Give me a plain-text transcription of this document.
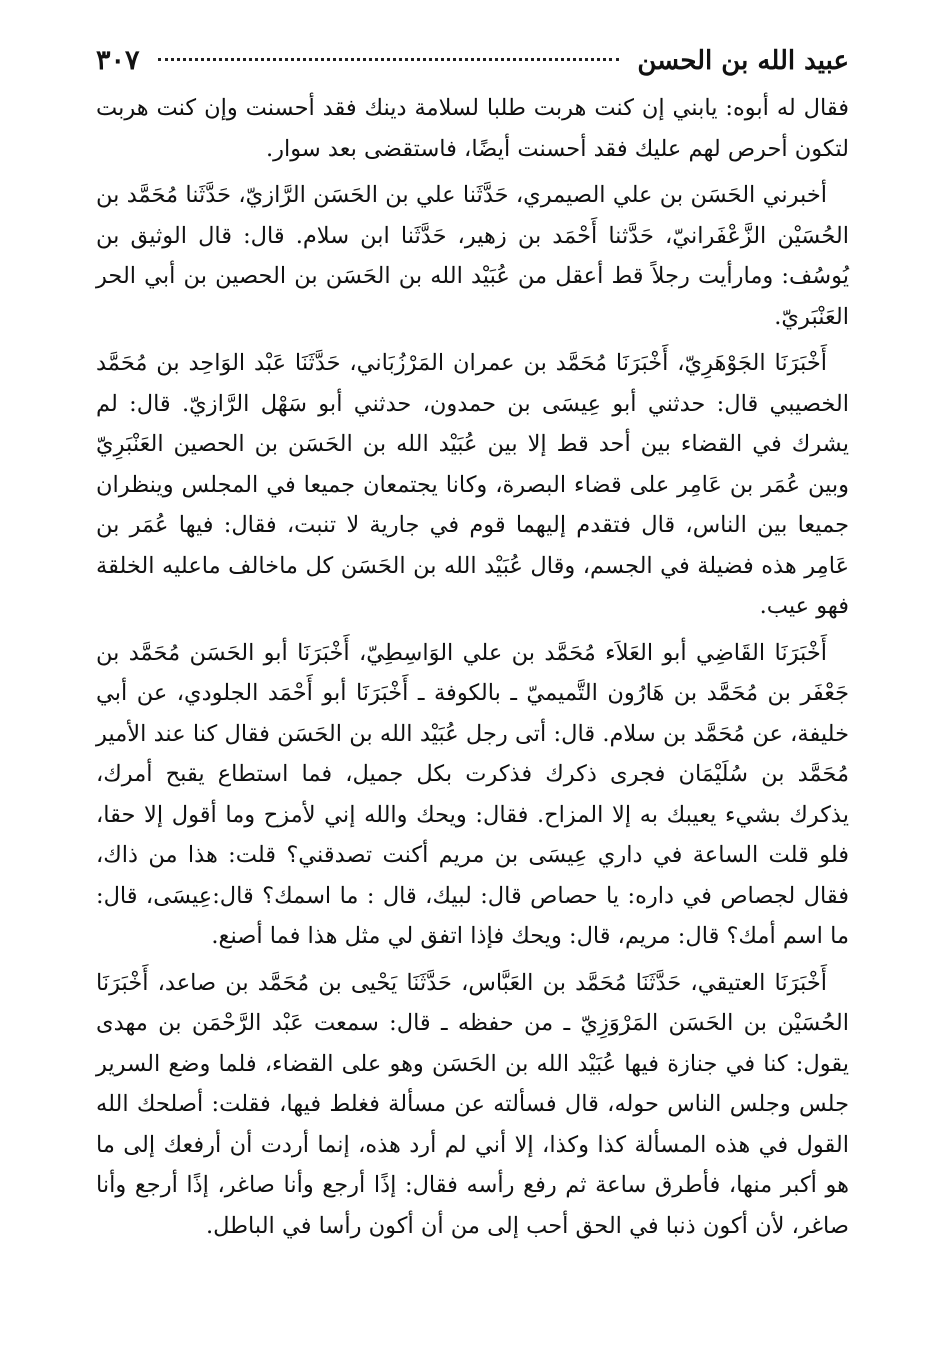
عبيد الله بن الحسن
٣٠٧

فقال له أبوه: يابني إن كنت هربت طلبا لسلامة دينك فقد أحسنت وإن كنت هربت لتكون أحرص لهم عليك فقد أحسنت أيضًا، فاستقضى بعد سوار.

أخبرني الحَسَن بن علي الصيمري، حَدَّثَنا علي بن الحَسَن الرَّازيّ، حَدَّثَنا مُحَمَّد بن الحُسَيْن الزَّعْفَرانيّ، حَدَّثنا أَحْمَد بن زهير، حَدَّثَنا ابن سلام. قال: قال الوثيق بن يُوسُف: ومارأيت رجلاً قط أعقل من عُبَيْد الله بن الحَسَن بن الحصين بن أبي الحر العَنْبَريّ.

أَخْبَرَنَا الجَوْهَرِيّ، أَخْبَرَنَا مُحَمَّد بن عمران المَرْزُبَاني، حَدَّثَنَا عَبْد الوَاحِد بن مُحَمَّد الخصيبي قال: حدثني أبو عِيسَى بن حمدون، حدثني أبو سَهْل الرَّازيّ. قال: لم يشرك في القضاء بين أحد قط إلا بين عُبَيْد الله بن الحَسَن بن الحصين العَنْبَرِيّ وبين عُمَر بن عَامِر على قضاء البصرة، وكانا يجتمعان جميعا في المجلس وينظران جميعا بين الناس، قال فتقدم إليهما قوم في جارية لا تنبت، فقال: فيها عُمَر بن عَامِر هذه فضيلة في الجسم، وقال عُبَيْد الله بن الحَسَن كل ماخالف ماعليه الخلقة فهو عيب.

أَخْبَرَنَا القَاضِي أبو العَلاَء مُحَمَّد بن علي الوَاسِطِيّ، أَخْبَرَنَا أبو الحَسَن مُحَمَّد بن جَعْفَر بن مُحَمَّد بن هَارُون التَّميميّ ـ بالكوفة ـ أَخْبَرَنَا أبو أَحْمَد الجلودي، عن أبي خليفة، عن مُحَمَّد بن سلام. قال: أتى رجل عُبَيْد الله بن الحَسَن فقال كنا عند الأمير مُحَمَّد بن سُلَيْمَان فجرى ذكرك فذكرت بكل جميل، فما استطاع يقبح أمرك، يذكرك بشيء يعيبك به إلا المزاح. فقال: ويحك والله إني لأمزح وما أقول إلا حقا، فلو قلت الساعة في داري عِيسَى بن مريم أكنت تصدقني؟ قلت: هذا من ذاك، فقال لجصاص في داره: يا حصاص قال: لبيك، قال : ما اسمك؟ قال:عِيسَى، قال: ما اسم أمك؟ قال: مريم، قال: ويحك فإذا اتفق لي مثل هذا فما أصنع.

أَخْبَرَنَا العتيقي، حَدَّثَنَا مُحَمَّد بن العَبَّاس، حَدَّثَنَا يَحْيى بن مُحَمَّد بن صاعد، أَخْبَرَنَا الحُسَيْن بن الحَسَن المَرْوَزِيّ ـ من حفظه ـ قال: سمعت عَبْد الرَّحْمَن بن مهدى يقول: كنا في جنازة فيها عُبَيْد الله بن الحَسَن وهو على القضاء، فلما وضع السرير جلس وجلس الناس حوله، قال فسألته عن مسألة فغلط فيها، فقلت: أصلحك الله القول في هذه المسألة كذا وكذا، إلا أني لم أرد هذه، إنما أردت أن أرفعك إلى ما هو أكبر منها، فأطرق ساعة ثم رفع رأسه فقال: إذًا أرجع وأنا صاغر، إذًا أرجع وأنا صاغر، لأن أكون ذنبا في الحق أحب إلى من أن أكون رأسا في الباطل.
